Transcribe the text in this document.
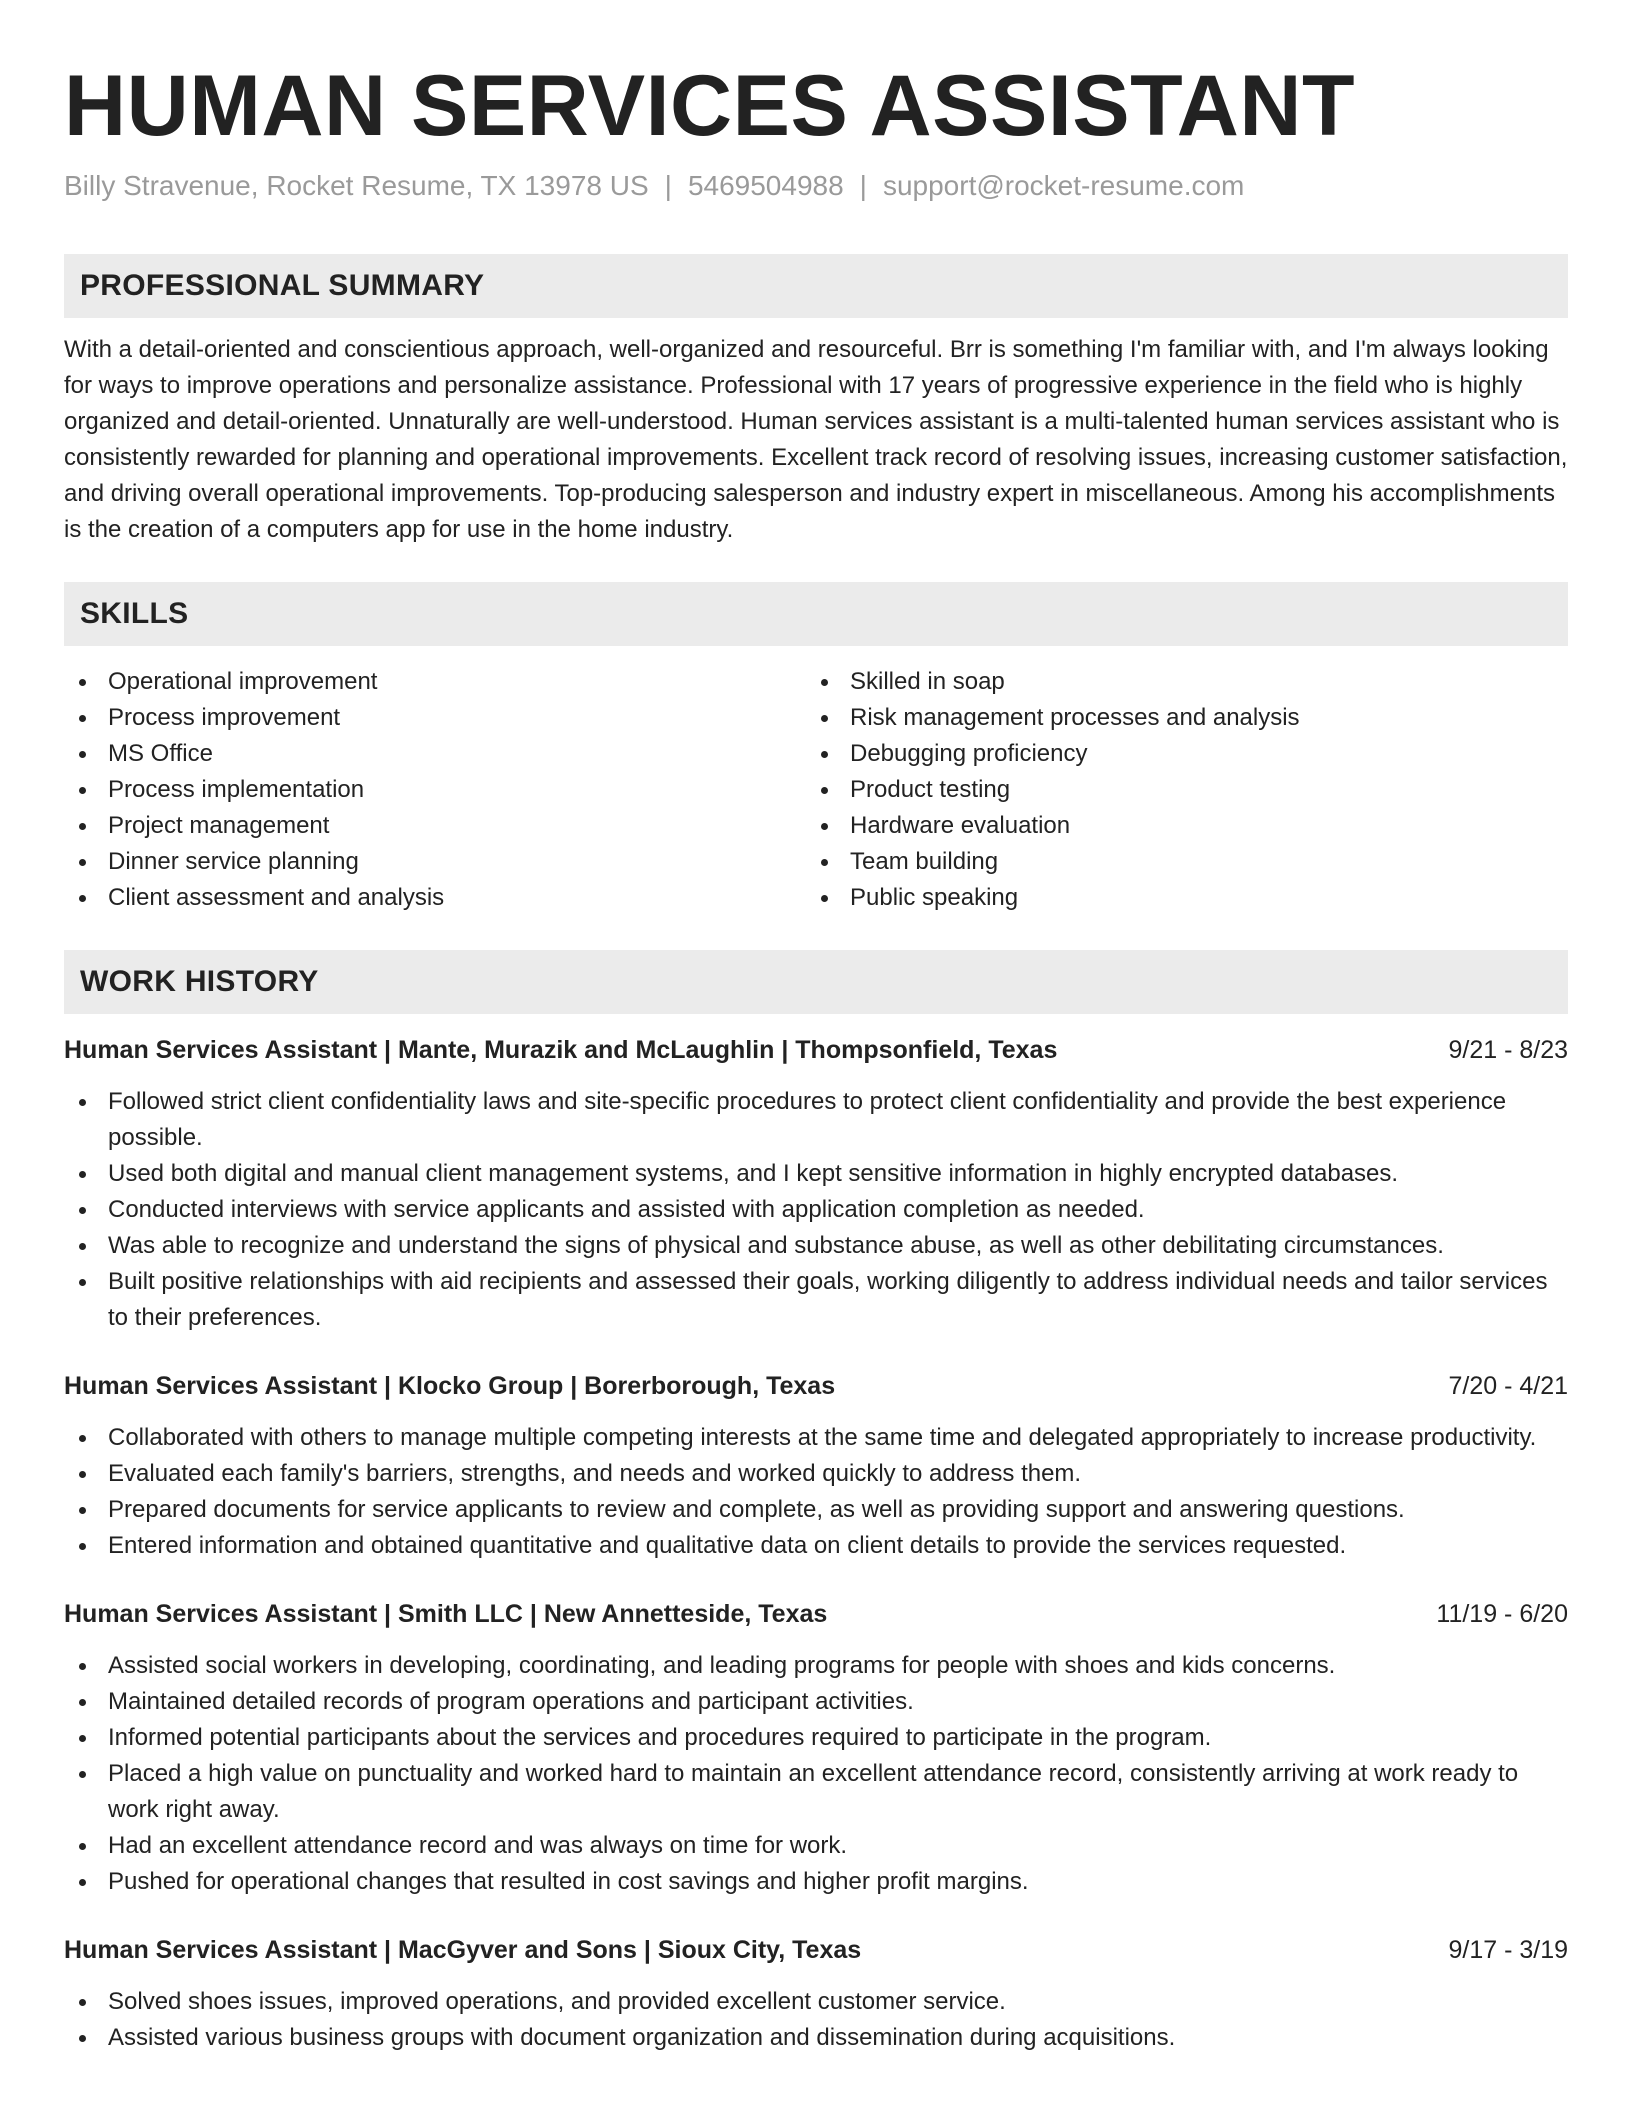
HUMAN SERVICES ASSISTANT
Billy Stravenue, Rocket Resume, TX 13978 US | 5469504988 | support@rocket-resume.com
PROFESSIONAL SUMMARY
With a detail-oriented and conscientious approach, well-organized and resourceful. Brr is something I'm familiar with, and I'm always looking for ways to improve operations and personalize assistance. Professional with 17 years of progressive experience in the field who is highly organized and detail-oriented. Unnaturally are well-understood. Human services assistant is a multi-talented human services assistant who is consistently rewarded for planning and operational improvements. Excellent track record of resolving issues, increasing customer satisfaction, and driving overall operational improvements. Top-producing salesperson and industry expert in miscellaneous. Among his accomplishments is the creation of a computers app for use in the home industry.
SKILLS
Operational improvement
Process improvement
MS Office
Process implementation
Project management
Dinner service planning
Client assessment and analysis
Skilled in soap
Risk management processes and analysis
Debugging proficiency
Product testing
Hardware evaluation
Team building
Public speaking
WORK HISTORY
Human Services Assistant | Mante, Murazik and McLaughlin | Thompsonfield, Texas	9/21 - 8/23
Followed strict client confidentiality laws and site-specific procedures to protect client confidentiality and provide the best experience possible.
Used both digital and manual client management systems, and I kept sensitive information in highly encrypted databases.
Conducted interviews with service applicants and assisted with application completion as needed.
Was able to recognize and understand the signs of physical and substance abuse, as well as other debilitating circumstances.
Built positive relationships with aid recipients and assessed their goals, working diligently to address individual needs and tailor services to their preferences.
Human Services Assistant | Klocko Group | Borerborough, Texas	7/20 - 4/21
Collaborated with others to manage multiple competing interests at the same time and delegated appropriately to increase productivity.
Evaluated each family's barriers, strengths, and needs and worked quickly to address them.
Prepared documents for service applicants to review and complete, as well as providing support and answering questions.
Entered information and obtained quantitative and qualitative data on client details to provide the services requested.
Human Services Assistant | Smith LLC | New Annetteside, Texas	11/19 - 6/20
Assisted social workers in developing, coordinating, and leading programs for people with shoes and kids concerns.
Maintained detailed records of program operations and participant activities.
Informed potential participants about the services and procedures required to participate in the program.
Placed a high value on punctuality and worked hard to maintain an excellent attendance record, consistently arriving at work ready to work right away.
Had an excellent attendance record and was always on time for work.
Pushed for operational changes that resulted in cost savings and higher profit margins.
Human Services Assistant | MacGyver and Sons | Sioux City, Texas	9/17 - 3/19
Solved shoes issues, improved operations, and provided excellent customer service.
Assisted various business groups with document organization and dissemination during acquisitions.
